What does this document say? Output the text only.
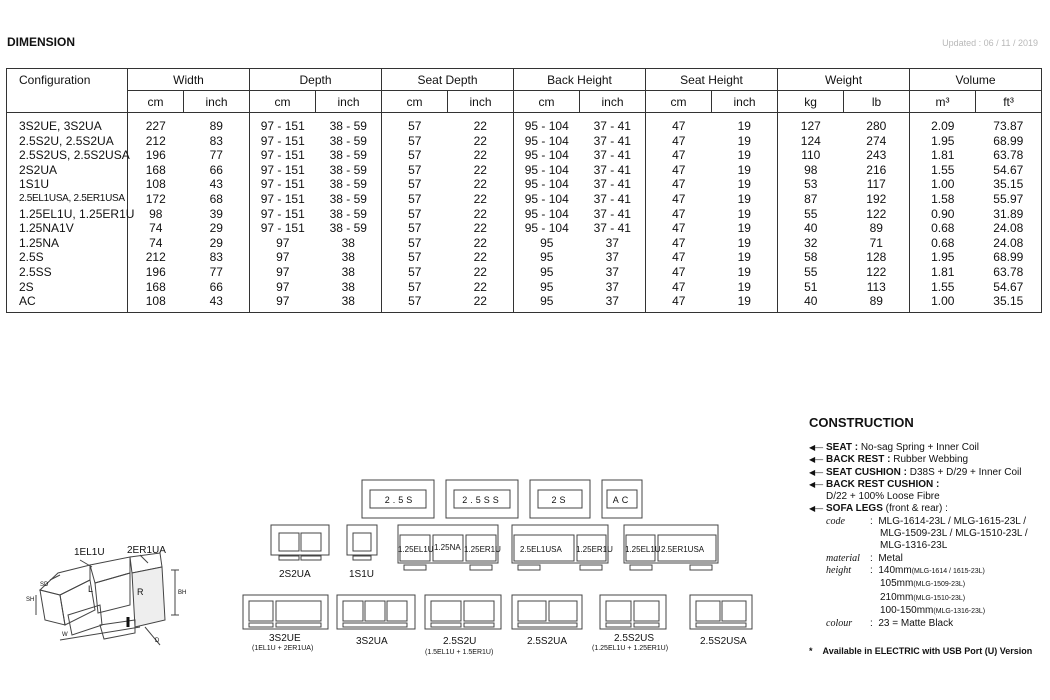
DIMENSION	Updated : 06 / 11 / 2019
Configuration	Width		Depth		Seat Depth		Back Height		Seat Height		Weight		Volume	
	cm	inch	cm	inch	cm	inch	cm	inch	cm	inch	kg	lb	m³	ft³
3S2UE, 3S2UA	227	89	97 - 151	38 - 59	57	22	95 - 104	37 - 41	47	19	127	280	2.09	73.87
2.5S2U, 2.5S2UA	212	83	97 - 151	38 - 59	57	22	95 - 104	37 - 41	47	19	124	274	1.95	68.99
2.5S2US, 2.5S2USA	196	77	97 - 151	38 - 59	57	22	95 - 104	37 - 41	47	19	110	243	1.81	63.78
2S2UA	168	66	97 - 151	38 - 59	57	22	95 - 104	37 - 41	47	19	98	216	1.55	54.67
1S1U	108	43	97 - 151	38 - 59	57	22	95 - 104	37 - 41	47	19	53	117	1.00	35.15
2.5EL1USA, 2.5ER1USA	172	68	97 - 151	38 - 59	57	22	95 - 104	37 - 41	47	19	87	192	1.58	55.97
1.25EL1U, 1.25ER1U	98	39	97 - 151	38 - 59	57	22	95 - 104	37 - 41	47	19	55	122	0.90	31.89
1.25NA1V	74	29	97 - 151	38 - 59	57	22	95 - 104	37 - 41	47	19	40	89	0.68	24.08
1.25NA	74	29	97	38	57	22	95	37	47	19	32	71	0.68	24.08
2.5S	212	83	97	38	57	22	95	37	47	19	58	128	1.95	68.99
2.5SS	196	77	97	38	57	22	95	37	47	19	55	122	1.81	63.78
2S	168	66	97	38	57	22	95	37	47	19	51	113	1.55	54.67
AC	108	43	97	38	57	22	95	37	47	19	40	89	1.00	35.15
1EL1U 2ER1UA
L	R
SD
SH
BH
W
D
2.5S	2.5SS	2S	AC
1.25EL1U 1.25NA 1.25ER1U 2.5EL1USA 1.25ER1U 1.25EL1U 2.5ER1USA
2S2UA	1S1U
3S2UE
(1EL1U + 2ER1UA)
3S2UA	2.5S2U
(1.5EL1U + 1.5ER1U)
2.5S2UA	2.5S2US
(1.25EL1U + 1.25ER1U)
2.5S2USA
CONSTRUCTION
◀— SEAT : No-sag Spring + Inner Coil
◀— BACK REST : Rubber Webbing
◀— SEAT CUSHION : D38S + D/29 + Inner Coil
◀— BACK REST CUSHION :
D/22 + 100% Loose Fibre
◀— SOFA LEGS (front & rear) :
code	:  MLG-1614-23L / MLG-1615-23L /
MLG-1509-23L / MLG-1510-23L /
MLG-1316-23L
material :  Metal
height :  140mm(MLG-1614 / 1615-23L)
105mm(MLG-1509-23L)
210mm(MLG-1510-23L)
100-150mm(MLG-1316-23L)
colour :  23 = Matte Black
* Available in ELECTRIC with USB Port (U) Version
